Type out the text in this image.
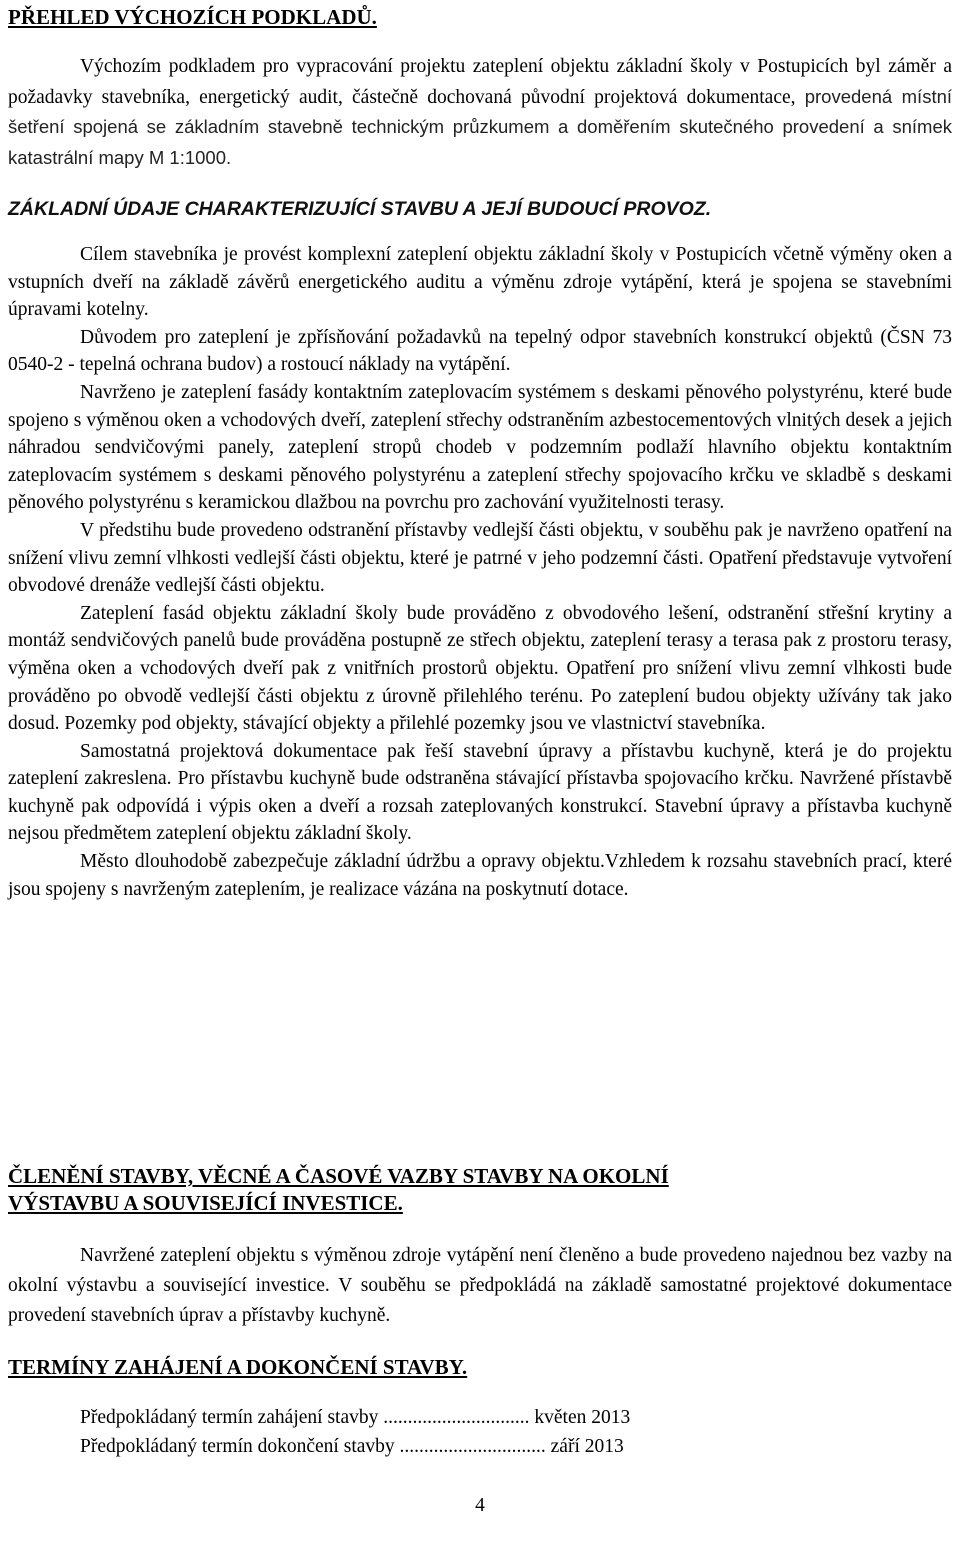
PŘEHLED VÝCHOZÍCH PODKLADŮ.

Výchozím podkladem pro vypracování projektu zateplení objektu základní školy v Postupicích byl záměr a požadavky stavebníka, energetický audit, částečně dochovaná původní projektová dokumentace, provedená místní šetření spojená se základním stavebně technickým průzkumem a doměřením skutečného provedení a snímek katastrální mapy M 1:1000.

ZÁKLADNÍ ÚDAJE CHARAKTERIZUJÍCÍ STAVBU A JEJÍ BUDOUCÍ PROVOZ.

Cílem stavebníka je provést komplexní zateplení objektu základní školy v Postupicích včetně výměny oken a vstupních dveří na základě závěrů energetického auditu a výměnu zdroje vytápění, která je spojena se stavebními úpravami kotelny.

Důvodem pro zateplení je zpřísňování požadavků na tepelný odpor stavebních konstrukcí objektů (ČSN 73 0540-2 - tepelná ochrana budov) a rostoucí náklady na vytápění.

Navrženo je zateplení fasády kontaktním zateplovacím systémem s deskami pěnového polystyrénu, které bude spojeno s výměnou oken a vchodových dveří, zateplení střechy odstraněním azbestocementových vlnitých desek a jejich náhradou sendvičovými panely, zateplení stropů chodeb v podzemním podlaží hlavního objektu kontaktním zateplovacím systémem s deskami pěnového polystyrénu a zateplení střechy spojovacího krčku ve skladbě s deskami pěnového polystyrénu s keramickou dlažbou na povrchu pro zachování využitelnosti terasy.

V předstihu bude provedeno odstranění přístavby vedlejší části objektu, v souběhu pak je navrženo opatření na snížení vlivu zemní vlhkosti vedlejší části objektu, které je patrné v jeho podzemní části. Opatření představuje vytvoření obvodové drenáže vedlejší části objektu.

Zateplení fasád objektu základní školy bude prováděno z obvodového lešení, odstranění střešní krytiny a montáž sendvičových panelů bude prováděna postupně ze střech objektu, zateplení terasy a terasa pak z prostoru terasy, výměna oken a vchodových dveří pak z vnitřních prostorů objektu. Opatření pro snížení vlivu zemní vlhkosti bude prováděno po obvodě vedlejší části objektu z úrovně přilehlého terénu. Po zateplení budou objekty užívány tak jako dosud. Pozemky pod objekty, stávající objekty a přilehlé pozemky jsou ve vlastnictví stavebníka.

Samostatná projektová dokumentace pak řeší stavební úpravy a přístavbu kuchyně, která je do projektu zateplení zakreslena. Pro přístavbu kuchyně bude odstraněna stávající přístavba spojovacího krčku. Navržené přístavbě kuchyně pak odpovídá i výpis oken a dveří a rozsah zateplovaných konstrukcí. Stavební úpravy a přístavba kuchyně nejsou předmětem zateplení objektu základní školy.

Město dlouhodobě zabezpečuje základní údržbu a opravy objektu.Vzhledem k rozsahu stavebních prací, které jsou spojeny s navrženým zateplením, je realizace vázána na poskytnutí dotace.

ČLENĚNÍ STAVBY, VĚCNÉ A ČASOVÉ VAZBY STAVBY NA OKOLNÍ
VÝSTAVBU A SOUVISEJÍCÍ INVESTICE.

Navržené zateplení objektu s výměnou zdroje vytápění není členěno a bude provedeno najednou bez vazby na okolní výstavbu a související investice. V souběhu se předpokládá na základě samostatné projektové dokumentace provedení stavebních úprav a přístavby kuchyně.

TERMÍNY ZAHÁJENÍ A DOKONČENÍ STAVBY.
Předpokládaný termín zahájení stavby .............................. květen 2013
Předpokládaný termín dokončení stavby .............................. září 2013
4
